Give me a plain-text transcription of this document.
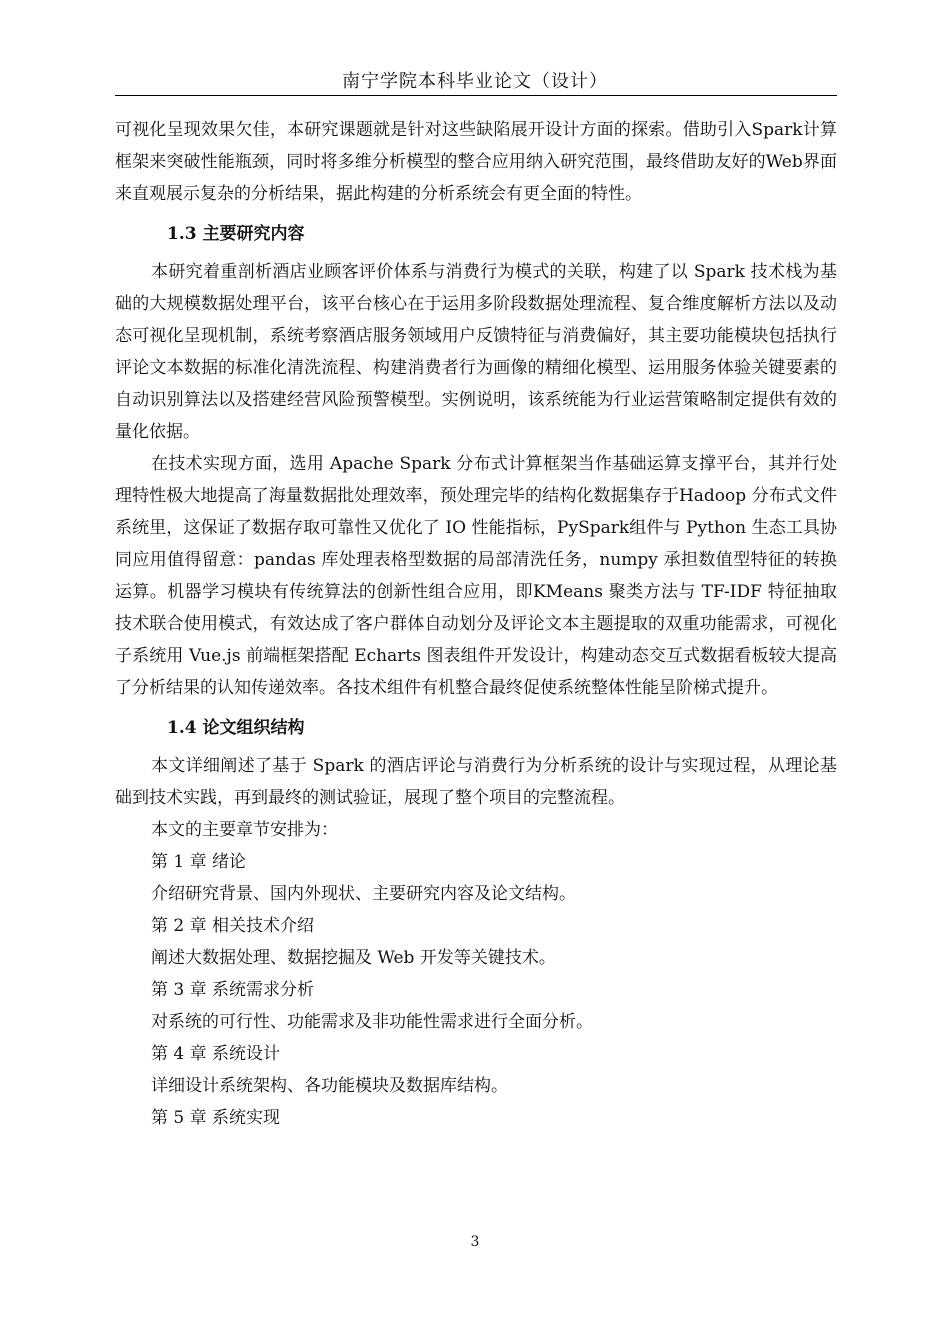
南宁学院本科毕业论文（设计）

可视化呈现效果欠佳，本研究课题就是针对这些缺陷展开设计方面的探索。借助引入Spark计算框架来突破性能瓶颈，同时将多维分析模型的整合应用纳入研究范围，最终借助友好的Web界面来直观展示复杂的分析结果，据此构建的分析系统会有更全面的特性。

1.3 主要研究内容

本研究着重剖析酒店业顾客评价体系与消费行为模式的关联，构建了以 Spark 技术栈为基础的大规模数据处理平台，该平台核心在于运用多阶段数据处理流程、复合维度解析方法以及动态可视化呈现机制，系统考察酒店服务领域用户反馈特征与消费偏好，其主要功能模块包括执行评论文本数据的标准化清洗流程、构建消费者行为画像的精细化模型、运用服务体验关键要素的自动识别算法以及搭建经营风险预警模型。实例说明，该系统能为行业运营策略制定提供有效的量化依据。

在技术实现方面，选用 Apache Spark 分布式计算框架当作基础运算支撑平台，其并行处理特性极大地提高了海量数据批处理效率，预处理完毕的结构化数据集存于Hadoop 分布式文件系统里，这保证了数据存取可靠性又优化了 IO 性能指标，PySpark组件与 Python 生态工具协同应用值得留意：pandas 库处理表格型数据的局部清洗任务，numpy 承担数值型特征的转换运算。机器学习模块有传统算法的创新性组合应用，即KMeans 聚类方法与 TF-IDF 特征抽取技术联合使用模式，有效达成了客户群体自动划分及评论文本主题提取的双重功能需求，可视化子系统用 Vue.js 前端框架搭配 Echarts 图表组件开发设计，构建动态交互式数据看板较大提高了分析结果的认知传递效率。各技术组件有机整合最终促使系统整体性能呈阶梯式提升。

1.4 论文组织结构

本文详细阐述了基于 Spark 的酒店评论与消费行为分析系统的设计与实现过程，从理论基础到技术实践，再到最终的测试验证，展现了整个项目的完整流程。

本文的主要章节安排为：

第 1 章 绪论

介绍研究背景、国内外现状、主要研究内容及论文结构。

第 2 章 相关技术介绍

阐述大数据处理、数据挖掘及 Web 开发等关键技术。

第 3 章 系统需求分析

对系统的可行性、功能需求及非功能性需求进行全面分析。

第 4 章 系统设计

详细设计系统架构、各功能模块及数据库结构。

第 5 章 系统实现

3
